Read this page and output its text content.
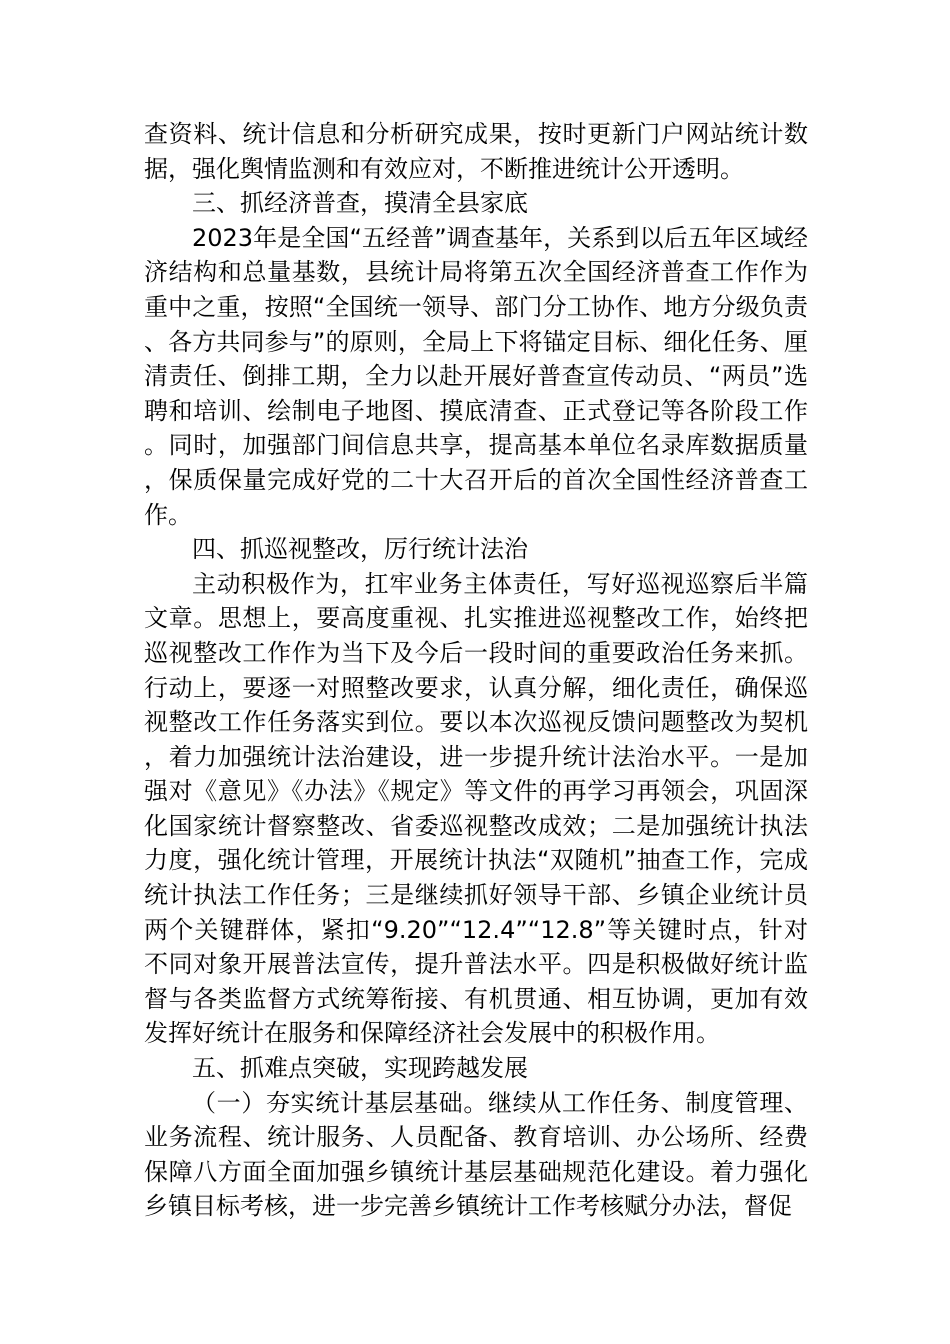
查资料、统计信息和分析研究成果，按时更新门户网站统计数据，强化舆情监测和有效应对，不断推进统计公开透明。

三、抓经济普查，摸清全县家底

2023年是全国“五经普”调查基年，关系到以后五年区域经济结构和总量基数，县统计局将第五次全国经济普查工作作为重中之重，按照“全国统一领导、部门分工协作、地方分级负责、各方共同参与”的原则，全局上下将锚定目标、细化任务、厘清责任、倒排工期，全力以赴开展好普查宣传动员、“两员”选聘和培训、绘制电子地图、摸底清查、正式登记等各阶段工作。同时，加强部门间信息共享，提高基本单位名录库数据质量，保质保量完成好党的二十大召开后的首次全国性经济普查工作。

四、抓巡视整改，厉行统计法治

主动积极作为，扛牢业务主体责任，写好巡视巡察后半篇文章。思想上，要高度重视、扎实推进巡视整改工作，始终把巡视整改工作作为当下及今后一段时间的重要政治任务来抓。行动上，要逐一对照整改要求，认真分解，细化责任，确保巡视整改工作任务落实到位。要以本次巡视反馈问题整改为契机，着力加强统计法治建设，进一步提升统计法治水平。一是加强对《意见》《办法》《规定》等文件的再学习再领会，巩固深化国家统计督察整改、省委巡视整改成效；二是加强统计执法力度，强化统计管理，开展统计执法“双随机”抽查工作，完成统计执法工作任务；三是继续抓好领导干部、乡镇企业统计员两个关键群体，紧扣“9.20”“12.4”“12.8”等关键时点，针对不同对象开展普法宣传，提升普法水平。四是积极做好统计监督与各类监督方式统筹衔接、有机贯通、相互协调，更加有效发挥好统计在服务和保障经济社会发展中的积极作用。

五、抓难点突破，实现跨越发展

（一）夯实统计基层基础。继续从工作任务、制度管理、业务流程、统计服务、人员配备、教育培训、办公场所、经费保障八方面全面加强乡镇统计基层基础规范化建设。着力强化乡镇目标考核，进一步完善乡镇统计工作考核赋分办法，督促
